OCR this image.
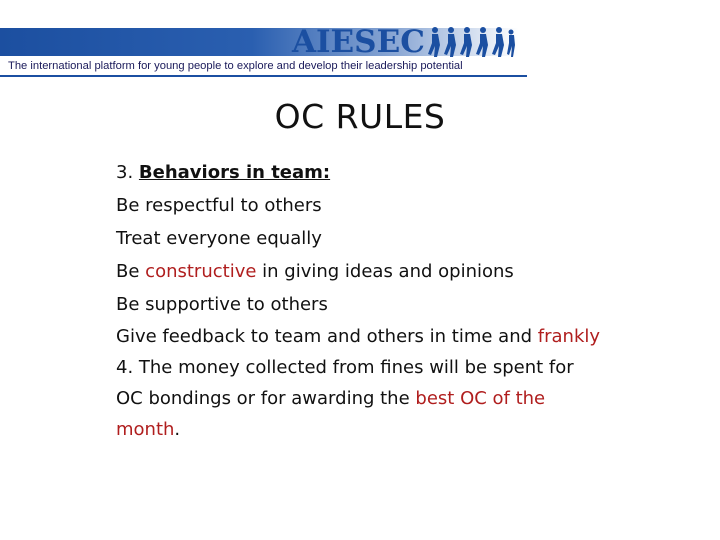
AIESEC
The international platform for young people to explore and develop their leadership potential
OC RULES
3. Behaviors in team:
Be respectful to others
Treat everyone equally
Be constructive in giving ideas and opinions
Be supportive to others
Give feedback to team and others in time and frankly
4. The money collected from fines will be spent for OC bondings or for awarding the best OC of the month.
